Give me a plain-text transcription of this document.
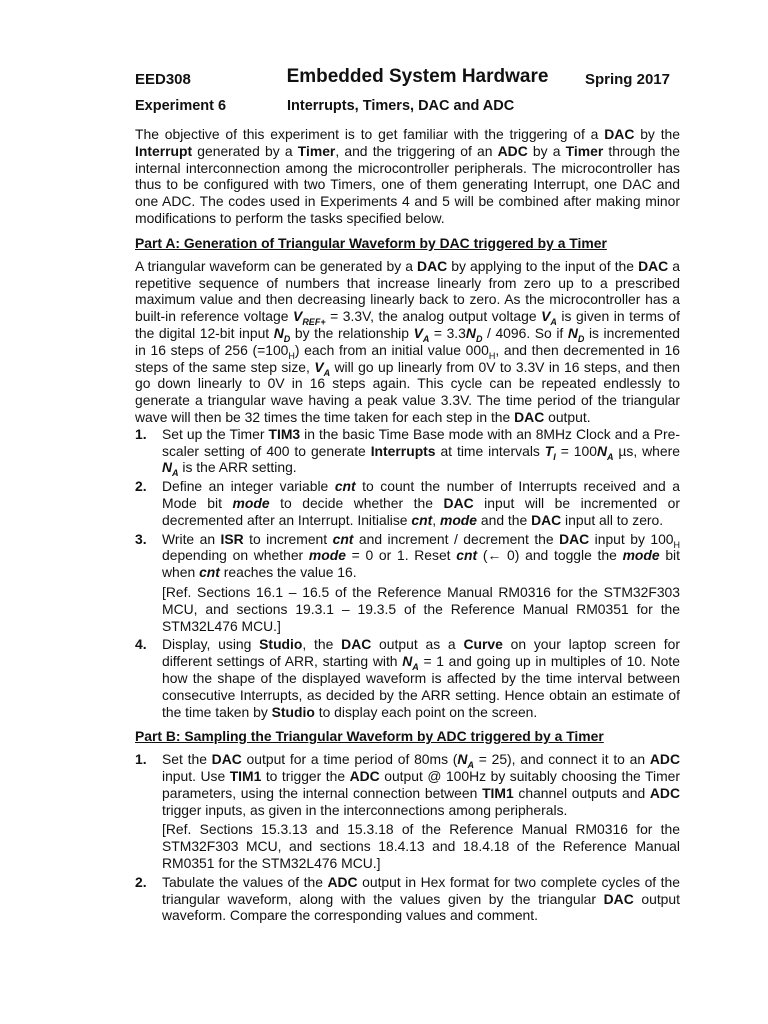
EED308	Embedded System Hardware	Spring 2017
Experiment 6	Interrupts, Timers, DAC and ADC

The objective of this experiment is to get familiar with the triggering of a DAC by the Interrupt generated by a Timer, and the triggering of an ADC by a Timer through the internal interconnection among the microcontroller peripherals. The microcontroller has thus to be configured with two Timers, one of them generating Interrupt, one DAC and one ADC. The codes used in Experiments 4 and 5 will be combined after making minor modifications to perform the tasks specified below.

Part A: Generation of Triangular Waveform by DAC triggered by a Timer

A triangular waveform can be generated by a DAC by applying to the input of the DAC a repetitive sequence of numbers that increase linearly from zero up to a prescribed maximum value and then decreasing linearly back to zero. As the microcontroller has a built-in reference voltage $V_{REF+} = 3.3V$, the analog output voltage $V_A$ is given in terms of the digital 12-bit input $N_D$ by the relationship $V_A = 3.3N_D / 4096$. So if $N_D$ is incremented in 16 steps of 256 $(=100_H)$ each from an initial value $000_H$, and then decremented in 16 steps of the same step size, $V_A$ will go up linearly from 0V to 3.3V in 16 steps, and then go down linearly to 0V in 16 steps again. This cycle can be repeated endlessly to generate a triangular wave having a peak value 3.3V. The time period of the triangular wave will then be 32 times the time taken for each step in the DAC output.

1.	Set up the Timer TIM3 in the basic Time Base mode with an 8MHz Clock and a Pre-scaler setting of 400 to generate Interrupts at time intervals $T_I = 100N_A$ µs, where $N_A$ is the ARR setting.
2.	Define an integer variable cnt to count the number of Interrupts received and a Mode bit mode to decide whether the DAC input will be incremented or decremented after an Interrupt. Initialise cnt, mode and the DAC input all to zero.
3.	Write an ISR to increment cnt and increment / decrement the DAC input by $100_H$ depending on whether mode = 0 or 1. Reset cnt (← 0) and toggle the mode bit when cnt reaches the value 16.
[Ref. Sections 16.1 – 16.5 of the Reference Manual RM0316 for the STM32F303 MCU, and sections 19.3.1 – 19.3.5 of the Reference Manual RM0351 for the STM32L476 MCU.]
4.	Display, using Studio, the DAC output as a Curve on your laptop screen for different settings of ARR, starting with $N_A = 1$ and going up in multiples of 10. Note how the shape of the displayed waveform is affected by the time interval between consecutive Interrupts, as decided by the ARR setting. Hence obtain an estimate of the time taken by Studio to display each point on the screen.
Part B: Sampling the Triangular Waveform by ADC triggered by a Timer
1.	Set the DAC output for a time period of 80ms $(N_A = 25)$, and connect it to an ADC input. Use TIM1 to trigger the ADC output @ 100Hz by suitably choosing the Timer parameters, using the internal connection between TIM1 channel outputs and ADC trigger inputs, as given in the interconnections among peripherals.
[Ref. Sections 15.3.13 and 15.3.18 of the Reference Manual RM0316 for the STM32F303 MCU, and sections 18.4.13 and 18.4.18 of the Reference Manual RM0351 for the STM32L476 MCU.]
2.	Tabulate the values of the ADC output in Hex format for two complete cycles of the triangular waveform, along with the values given by the triangular DAC output waveform. Compare the corresponding values and comment.
